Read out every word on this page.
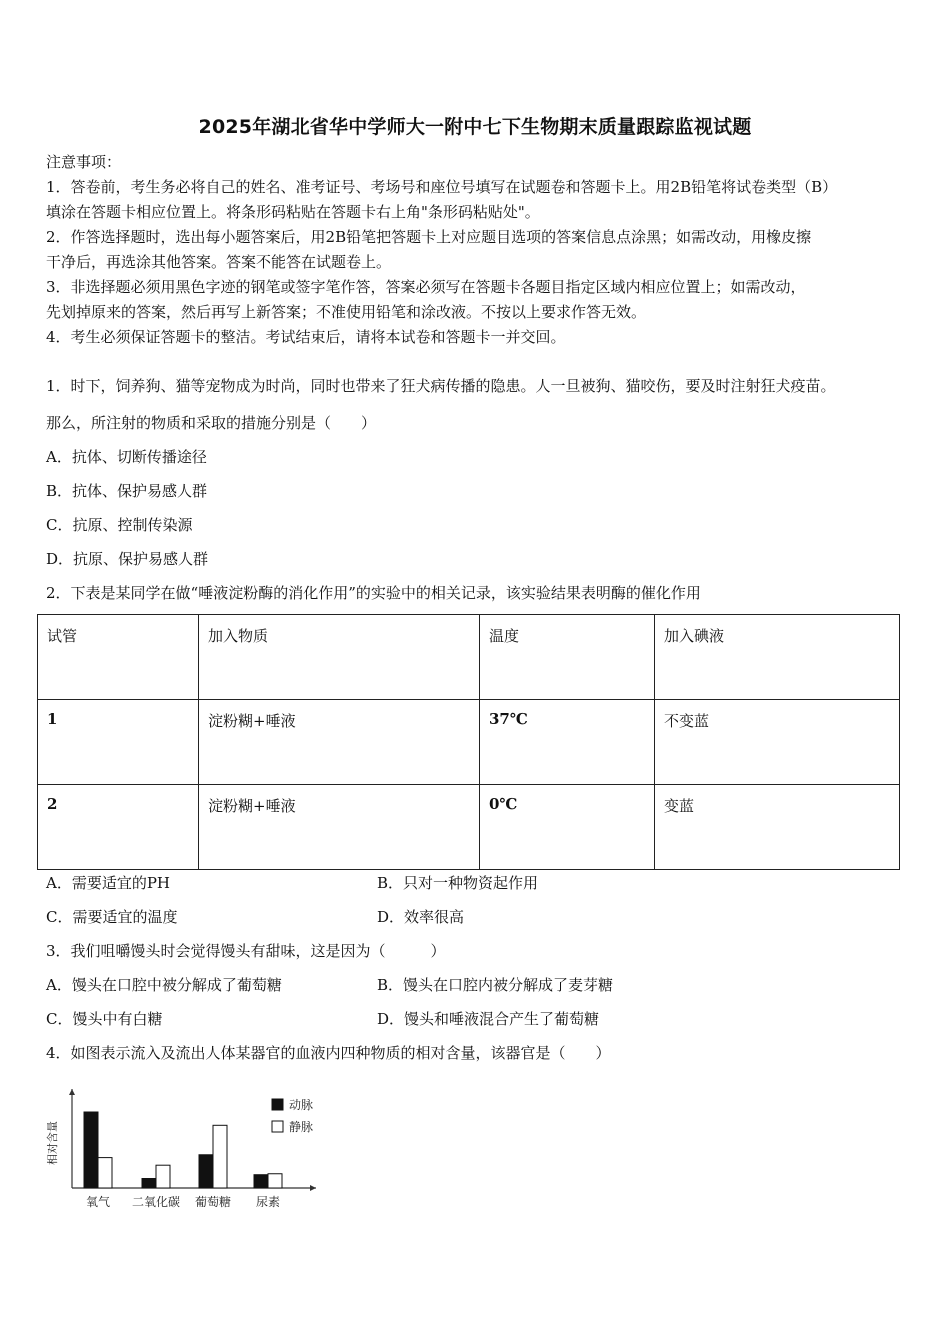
2025年湖北省华中学师大一附中七下生物期末质量跟踪监视试题
注意事项：
1．答卷前，考生务必将自己的姓名、准考证号、考场号和座位号填写在试题卷和答题卡上。用2B铅笔将试卷类型（B）
填涂在答题卡相应位置上。将条形码粘贴在答题卡右上角"条形码粘贴处"。
2．作答选择题时，选出每小题答案后，用2B铅笔把答题卡上对应题目选项的答案信息点涂黑；如需改动，用橡皮擦
干净后，再选涂其他答案。答案不能答在试题卷上。
3．非选择题必须用黑色字迹的钢笔或签字笔作答，答案必须写在答题卡各题目指定区域内相应位置上；如需改动，
先划掉原来的答案，然后再写上新答案；不准使用铅笔和涂改液。不按以上要求作答无效。
4．考生必须保证答题卡的整洁。考试结束后，请将本试卷和答题卡一并交回。
1．时下，饲养狗、猫等宠物成为时尚，同时也带来了狂犬病传播的隐患。人一旦被狗、猫咬伤，要及时注射狂犬疫苗。
那么，所注射的物质和采取的措施分别是（　　）
A．抗体、切断传播途径
B．抗体、保护易感人群
C．抗原、控制传染源
D．抗原、保护易感人群
2．下表是某同学在做“唾液淀粉酶的消化作用”的实验中的相关记录，该实验结果表明酶的催化作用
试管	加入物质	温度	加入碘液
1	淀粉糊+唾液	37℃	不变蓝
2	淀粉糊+唾液	0℃	变蓝
A．需要适宜的PH	B．只对一种物资起作用
C．需要适宜的温度	D．效率很高
3．我们咀嚼馒头时会觉得馒头有甜味，这是因为（　　　）
A．馒头在口腔中被分解成了葡萄糖	B．馒头在口腔内被分解成了麦芽糖
C．馒头中有白糖	D．馒头和唾液混合产生了葡萄糖
4．如图表示流入及流出人体某器官的血液内四种物质的相对含量，该器官是（　　）
相对含量
氧气 二氧化碳 葡萄糖 尿素
动脉
静脉
